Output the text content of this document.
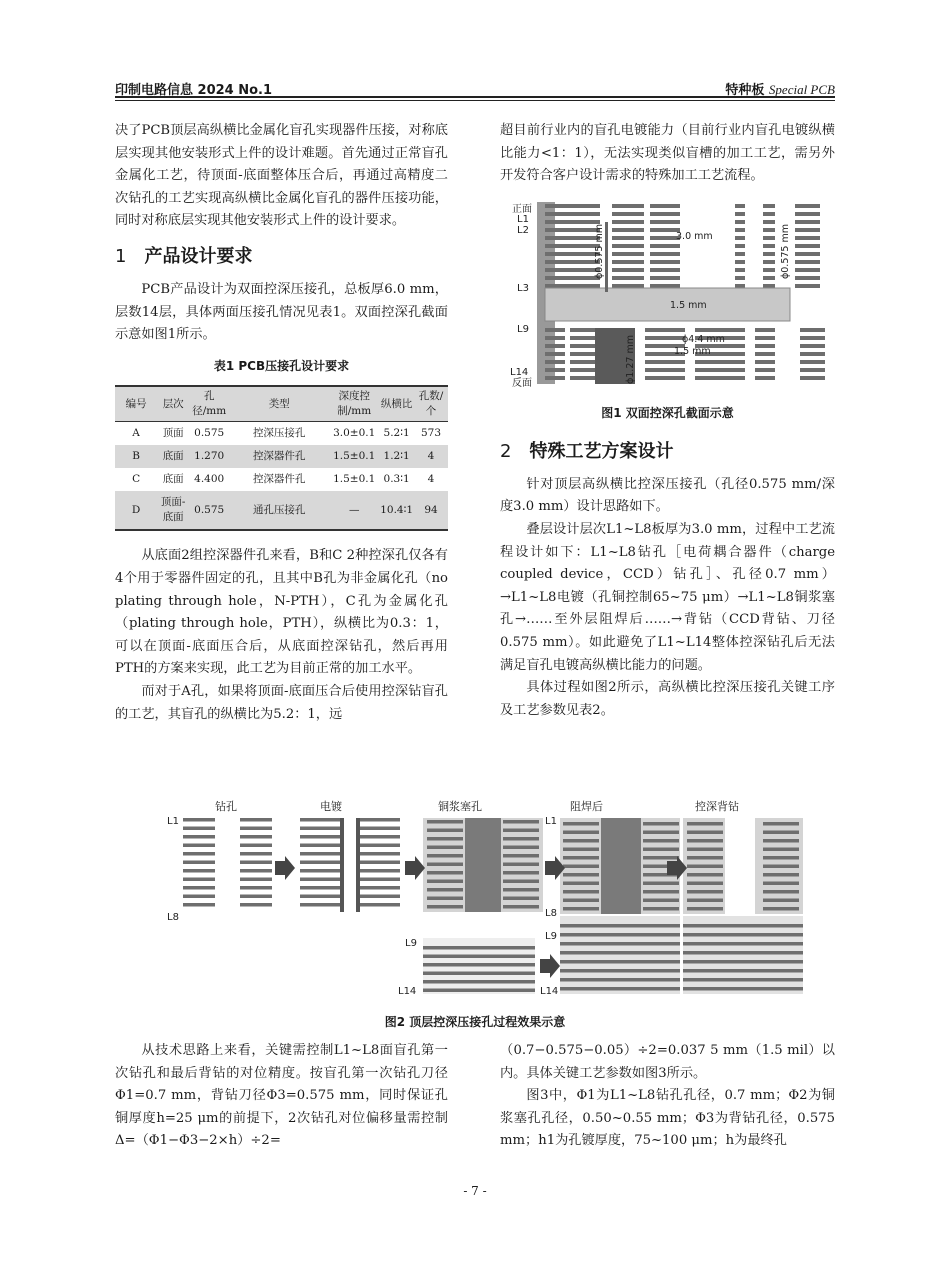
印制电路信息 2024 No.1	特种板 Special PCB

决了PCB顶层高纵横比金属化盲孔实现器件压接，对称底层实现其他安装形式上件的设计难题。首先通过正常盲孔金属化工艺，待顶面-底面整体压合后，再通过高精度二次钻孔的工艺实现高纵横比金属化盲孔的器件压接功能，同时对称底层实现其他安装形式上件的设计要求。

1 产品设计要求

PCB产品设计为双面控深压接孔，总板厚6.0 mm，层数14层，具体两面压接孔情况见表1。双面控深孔截面示意如图1所示。

表1 PCB压接孔设计要求
编号	层次	孔径/mm	类型	深度控制/mm	纵横比	孔数/个
A	顶面	0.575	控深压接孔	3.0±0.1	5.2∶1	573
B	底面	1.270	控深器件孔	1.5±0.1	1.2∶1	4
C	底面	4.400	控深器件孔	1.5±0.1	0.3∶1	4
D	顶面-底面	0.575	通孔压接孔	—	10.4∶1	94

从底面2组控深器件孔来看，B和C 2种控深孔仅各有4个用于零器件固定的孔，且其中B孔为非金属化孔（no plating through hole，N-PTH），C孔为金属化孔（plating through hole，PTH），纵横比为0.3：1，可以在顶面-底面压合后，从底面控深钻孔，然后再用PTH的方案来实现，此工艺为目前正常的加工水平。

而对于A孔，如果将顶面-底面压合后使用控深钻盲孔的工艺，其盲孔的纵横比为5.2：1，远

超目前行业内的盲孔电镀能力（目前行业内盲孔电镀纵横比能力<1：1），无法实现类似盲槽的加工工艺，需另外开发符合客户设计需求的特殊加工工艺流程。

正面
反面
L1
L2
L3
L9
L14
ϕ0.575 mm	3.0 mm
1.5 mm
ϕ4.4 mm
1.5 mm
ϕ1.27 mm
ϕ0.575 mm
图1 双面控深孔截面示意
2 特殊工艺方案设计

针对顶层高纵横比控深压接孔（孔径0.575 mm/深度3.0 mm）设计思路如下。

叠层设计层次L1~L8板厚为3.0 mm，过程中工艺流程设计如下：L1~L8钻孔［电荷耦合器件（charge coupled device，CCD）钻孔］、孔径0.7 mm）→L1~L8电镀（孔铜控制65~75 μm）→L1~L8铜浆塞孔→……至外层阻焊后……→背钻（CCD背钻、刀径0.575 mm）。如此避免了L1~L14整体控深钻孔后无法满足盲孔电镀高纵横比能力的问题。

具体过程如图2所示，高纵横比控深压接孔关键工序及工艺参数见表2。

钻孔	电镀	铜浆塞孔	阻焊后	控深背钻
L1
L8
L9
L14
L1
L8
L9
L14
图2 顶层控深压接孔过程效果示意

从技术思路上来看，关键需控制L1~L8面盲孔第一次钻孔和最后背钻的对位精度。按盲孔第一次钻孔刀径Φ1=0.7 mm，背钻刀径Φ3=0.575 mm，同时保证孔铜厚度h=25 μm的前提下，2次钻孔对位偏移量需控制Δ=（Φ1−Φ3−2×h）÷2=

（0.7−0.575−0.05）÷2=0.037 5 mm（1.5 mil）以内。具体关键工艺参数如图3所示。

图3中，Φ1为L1~L8钻孔孔径，0.7 mm；Φ2为铜浆塞孔孔径，0.50~0.55 mm；Φ3为背钻孔径，0.575 mm；h1为孔镀厚度，75~100 μm；h为最终孔

- 7 -
